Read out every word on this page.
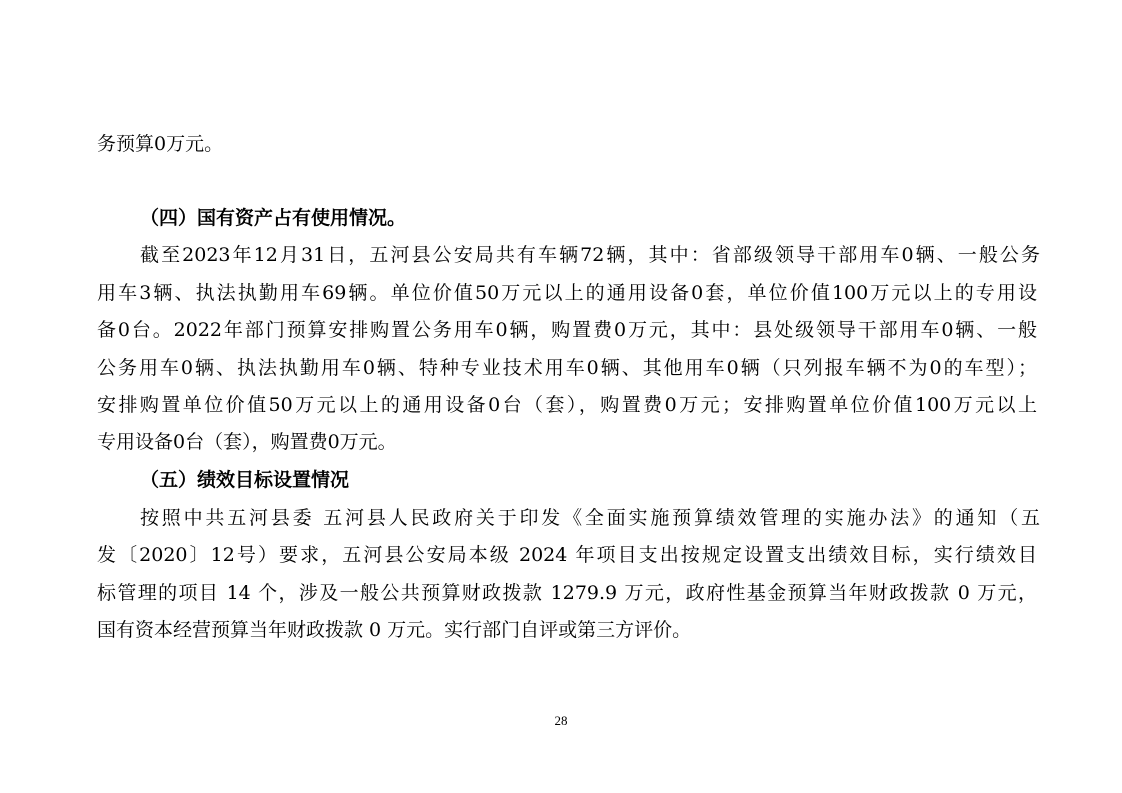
务预算0万元。
（四）国有资产占有使用情况。
截至2023年12月31日，五河县公安局共有车辆72辆，其中：省部级领导干部用车0辆、一般公务
用车3辆、执法执勤用车69辆。单位价值50万元以上的通用设备0套，单位价值100万元以上的专用设
备0台。2022年部门预算安排购置公务用车0辆，购置费0万元，其中：县处级领导干部用车0辆、一般
公务用车0辆、执法执勤用车0辆、特种专业技术用车0辆、其他用车0辆（只列报车辆不为0的车型）；
安排购置单位价值50万元以上的通用设备0台（套），购置费0万元；安排购置单位价值100万元以上
专用设备0台（套），购置费0万元。
（五）绩效目标设置情况
按照中共五河县委 五河县人民政府关于印发《全面实施预算绩效管理的实施办法》的通知（五
发〔2020〕12号）要求，五河县公安局本级 2024 年项目支出按规定设置支出绩效目标，实行绩效目
标管理的项目 14 个，涉及一般公共预算财政拨款 1279.9 万元，政府性基金预算当年财政拨款 0 万元，
国有资本经营预算当年财政拨款 0 万元。实行部门自评或第三方评价。
28
